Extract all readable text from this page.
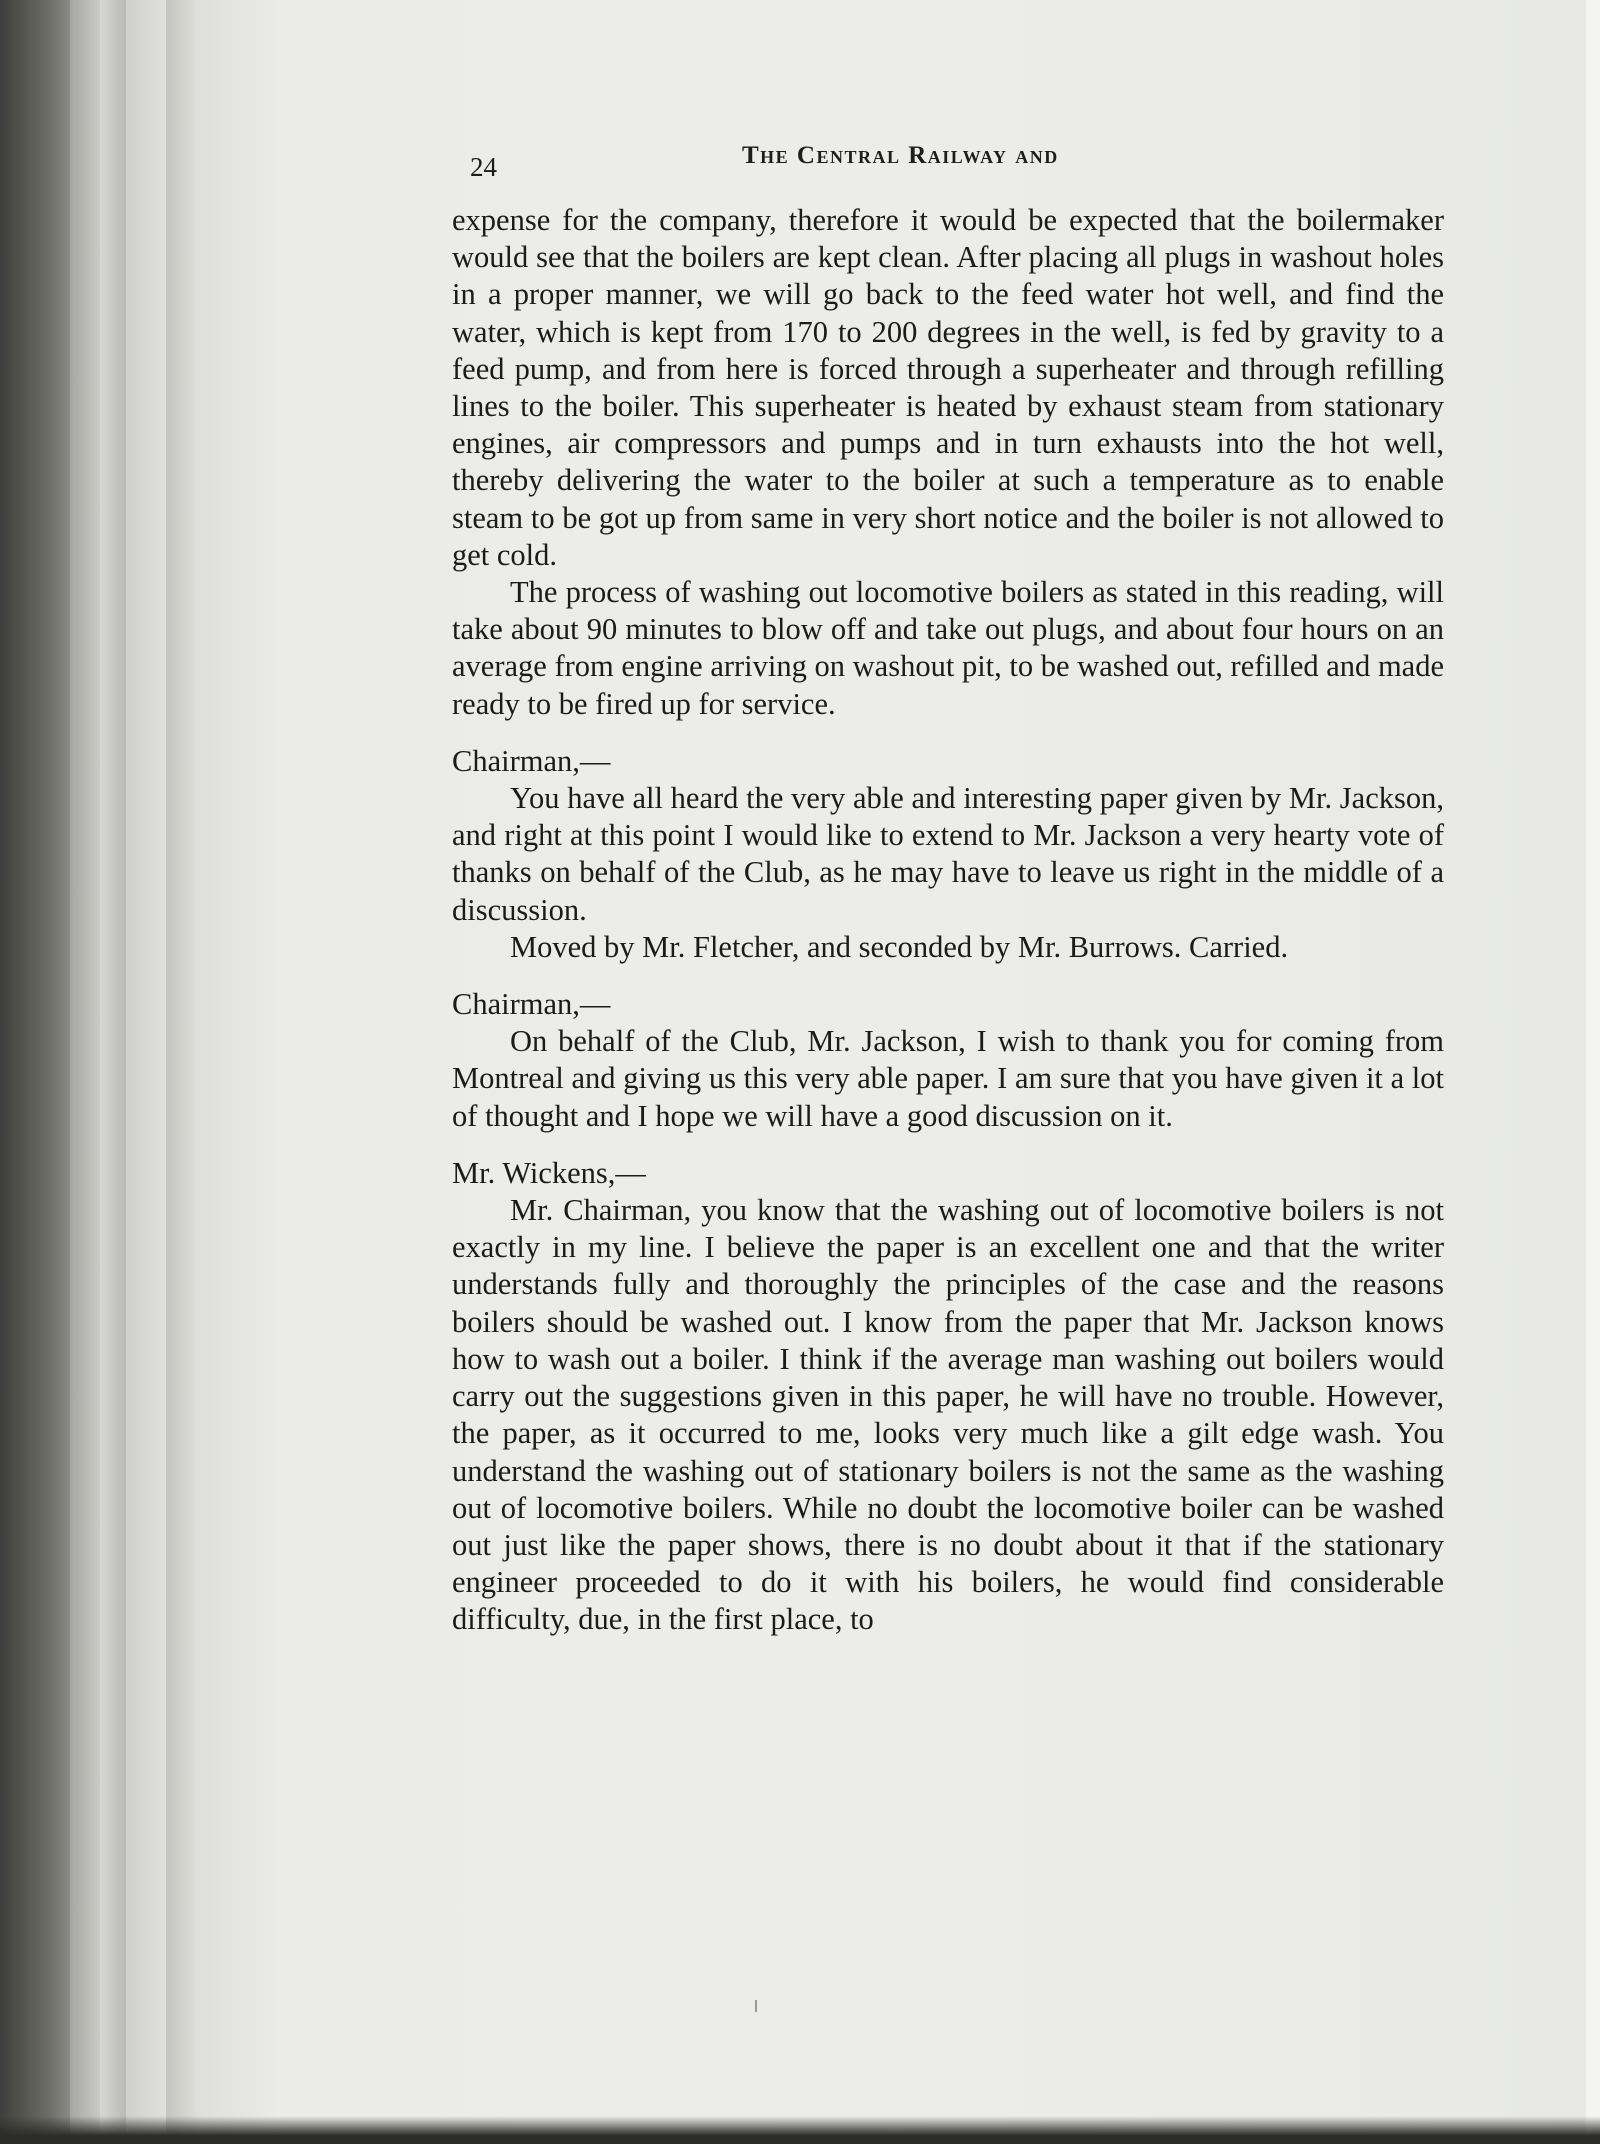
24	The Central Railway and

expense for the company, therefore it would be expected that the boilermaker would see that the boilers are kept clean. After placing all plugs in washout holes in a proper manner, we will go back to the feed water hot well, and find the water, which is kept from 170 to 200 degrees in the well, is fed by gravity to a feed pump, and from here is forced through a superheater and through refilling lines to the boiler. This superheater is heated by exhaust steam from stationary engines, air compressors and pumps and in turn exhausts into the hot well, thereby delivering the water to the boiler at such a temperature as to enable steam to be got up from same in very short notice and the boiler is not allowed to get cold.

The process of washing out locomotive boilers as stated in this reading, will take about 90 minutes to blow off and take out plugs, and about four hours on an average from engine arriving on washout pit, to be washed out, refilled and made ready to be fired up for service.

Chairman,—

You have all heard the very able and interesting paper given by Mr. Jackson, and right at this point I would like to extend to Mr. Jackson a very hearty vote of thanks on behalf of the Club, as he may have to leave us right in the middle of a discussion.

Moved by Mr. Fletcher, and seconded by Mr. Burrows. Carried.

Chairman,—

On behalf of the Club, Mr. Jackson, I wish to thank you for coming from Montreal and giving us this very able paper. I am sure that you have given it a lot of thought and I hope we will have a good discussion on it.

Mr. Wickens,—

Mr. Chairman, you know that the washing out of locomotive boilers is not exactly in my line. I believe the paper is an excellent one and that the writer understands fully and thoroughly the principles of the case and the reasons boilers should be washed out. I know from the paper that Mr. Jackson knows how to wash out a boiler. I think if the average man washing out boilers would carry out the suggestions given in this paper, he will have no trouble. However, the paper, as it occurred to me, looks very much like a gilt edge wash. You understand the washing out of stationary boilers is not the same as the washing out of locomotive boilers. While no doubt the locomotive boiler can be washed out just like the paper shows, there is no doubt about it that if the stationary engineer proceeded to do it with his boilers, he would find considerable difficulty, due, in the first place, to
